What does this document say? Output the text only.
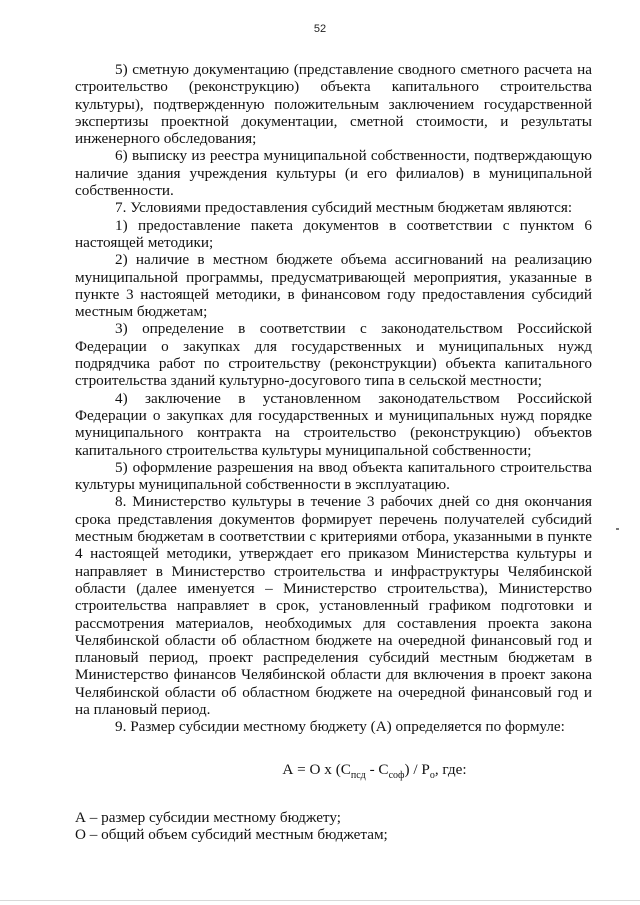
52

5) сметную документацию (представление сводного сметного расчета на строительство (реконструкцию) объекта капитального строительства культуры), подтвержденную положительным заключением государственной экспертизы проектной документации, сметной стоимости, и результаты инженерного обследования;

6) выписку из реестра муниципальной собственности, подтверждающую наличие здания учреждения культуры (и его филиалов) в муниципальной собственности.

7. Условиями предоставления субсидий местным бюджетам являются:

1) предоставление пакета документов в соответствии с пунктом 6 настоящей методики;

2) наличие в местном бюджете объема ассигнований на реализацию муниципальной программы, предусматривающей мероприятия, указанные в пункте 3 настоящей методики, в финансовом году предоставления субсидий местным бюджетам;

3) определение в соответствии с законодательством Российской Федерации о закупках для государственных и муниципальных нужд подрядчика работ по строительству (реконструкции) объекта капитального строительства зданий культурно-досугового типа в сельской местности;

4) заключение в установленном законодательством Российской Федерации о закупках для государственных и муниципальных нужд порядке муниципального контракта на строительство (реконструкцию) объектов капитального строительства культуры муниципальной собственности;

5) оформление разрешения на ввод объекта капитального строительства культуры муниципальной собственности в эксплуатацию.

8. Министерство культуры в течение 3 рабочих дней со дня окончания срока представления документов формирует перечень получателей субсидий местным бюджетам в соответствии с критериями отбора, указанными в пункте 4 настоящей методики, утверждает его приказом Министерства культуры и направляет в Министерство строительства и инфраструктуры Челябинской области (далее именуется – Министерство строительства), Министерство строительства направляет в срок, установленный графиком подготовки и рассмотрения материалов, необходимых для составления проекта закона Челябинской области об областном бюджете на очередной финансовый год и плановый период, проект распределения субсидий местным бюджетам в Министерство финансов Челябинской области для включения в проект закона Челябинской области об областном бюджете на очередной финансовый год и на плановый период.

9. Размер субсидии местному бюджету (А) определяется по формуле:

А = О х $(С_{псд} - С_{соф}) / Р_о$, где:

А – размер субсидии местному бюджету;

О – общий объем субсидий местным бюджетам;
